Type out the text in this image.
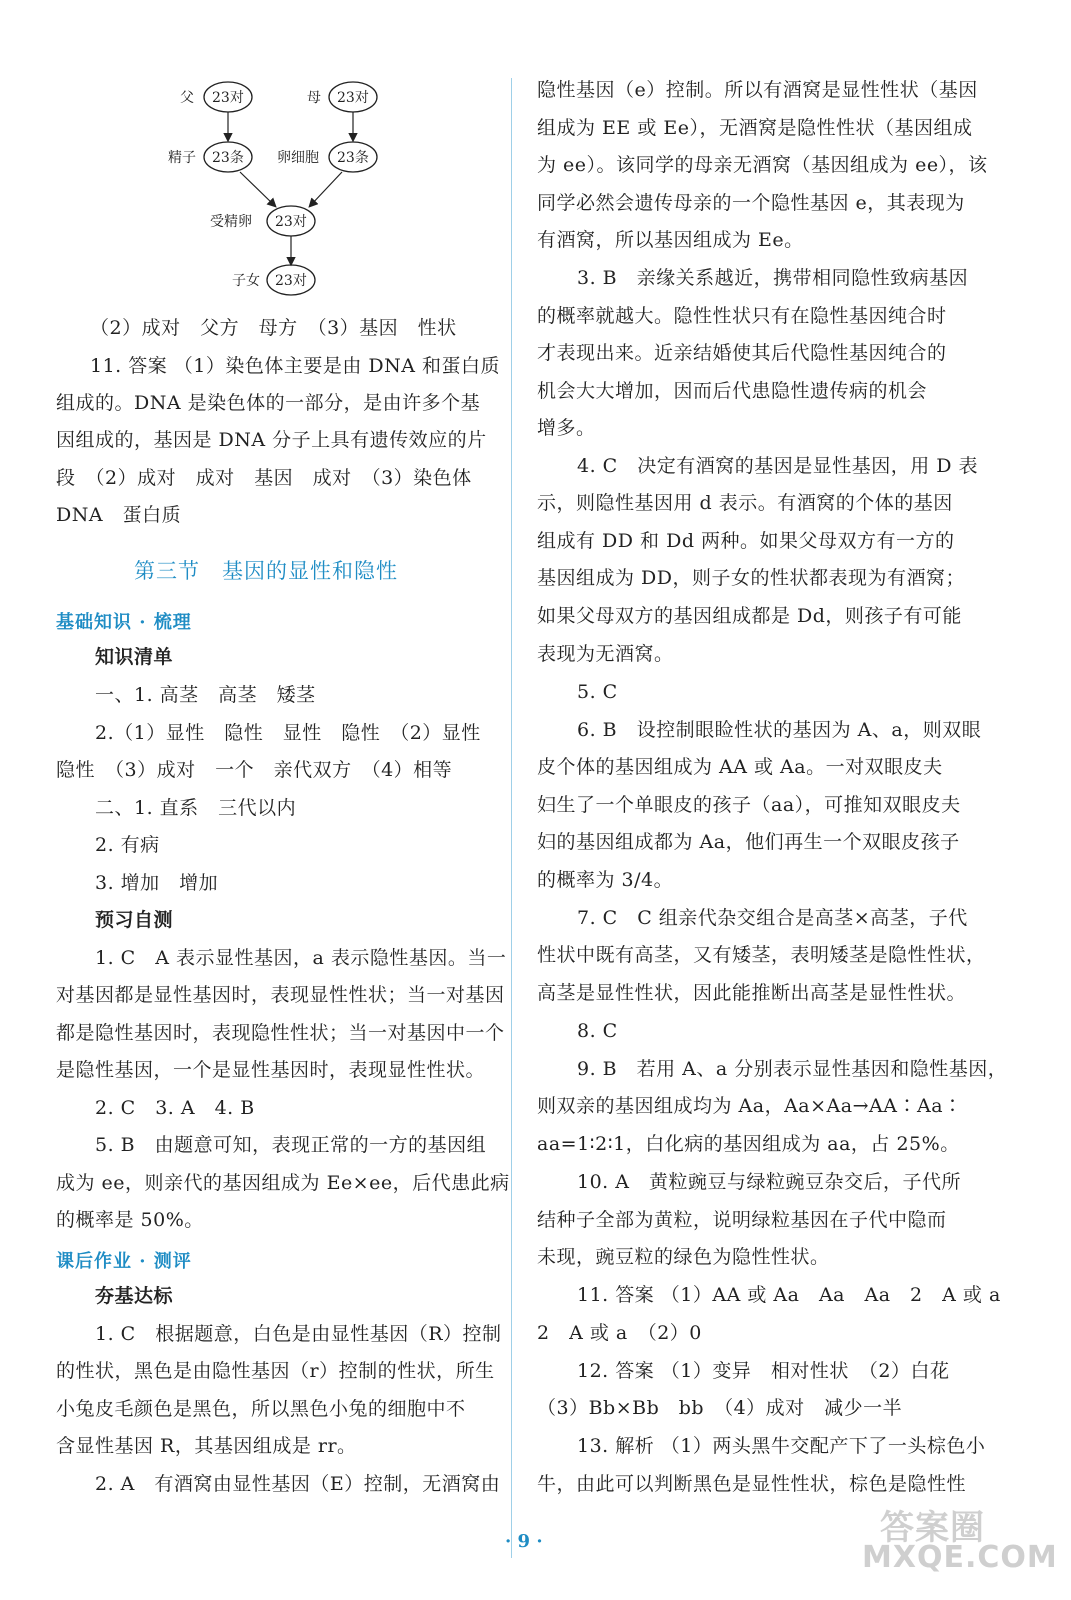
父 23对	母 23对
精子 23条 卵细胞 23条
受精卵 23对
子女 23对
（2）成对　父方　母方　（3）基因　性状
11. 答案 （1）染色体主要是由 DNA 和蛋白质
组成的。DNA 是染色体的一部分，是由许多个基
因组成的，基因是 DNA 分子上具有遗传效应的片
段　（2）成对　成对　基因　成对　（3）染色体
DNA　蛋白质
第三节　基因的显性和隐性
基础知识 · 梳理
知识清单
一、1. 高茎　高茎　矮茎
2.（1）显性　隐性　显性　隐性　（2）显性
隐性　（3）成对　一个　亲代双方　（4）相等
二、1. 直系　三代以内
2. 有病
3. 增加　增加
预习自测
1. C　A 表示显性基因，a 表示隐性基因。当一
对基因都是显性基因时，表现显性性状；当一对基因
都是隐性基因时，表现隐性性状；当一对基因中一个
是隐性基因，一个是显性基因时，表现显性性状。
2. C　3. A　4. B
5. B　由题意可知，表现正常的一方的基因组
成为 ee，则亲代的基因组成为 Ee×ee，后代患此病
的概率是 50%。
课后作业 · 测评
夯基达标
1. C　根据题意，白色是由显性基因（R）控制
的性状，黑色是由隐性基因（r）控制的性状，所生
小兔皮毛颜色是黑色，所以黑色小兔的细胞中不
含显性基因 R，其基因组成是 rr。
2. A　有酒窝由显性基因（E）控制，无酒窝由
隐性基因（e）控制。所以有酒窝是显性性状（基因
组成为 EE 或 Ee），无酒窝是隐性性状（基因组成
为 ee）。该同学的母亲无酒窝（基因组成为 ee），该
同学必然会遗传母亲的一个隐性基因 e，其表现为
有酒窝，所以基因组成为 Ee。
3. B　亲缘关系越近，携带相同隐性致病基因
的概率就越大。隐性性状只有在隐性基因纯合时
才表现出来。近亲结婚使其后代隐性基因纯合的
机会大大增加，因而后代患隐性遗传病的机会
增多。
4. C　决定有酒窝的基因是显性基因，用 D 表
示，则隐性基因用 d 表示。有酒窝的个体的基因
组成有 DD 和 Dd 两种。如果父母双方有一方的
基因组成为 DD，则子女的性状都表现为有酒窝；
如果父母双方的基因组成都是 Dd，则孩子有可能
表现为无酒窝。
5. C
6. B　设控制眼睑性状的基因为 A、a，则双眼
皮个体的基因组成为 AA 或 Aa。一对双眼皮夫
妇生了一个单眼皮的孩子（aa），可推知双眼皮夫
妇的基因组成都为 Aa，他们再生一个双眼皮孩子
的概率为 3/4。
7. C　C 组亲代杂交组合是高茎×高茎，子代
性状中既有高茎，又有矮茎，表明矮茎是隐性性状，
高茎是显性性状，因此能推断出高茎是显性性状。
8. C
9. B　若用 A、a 分别表示显性基因和隐性基因，
则双亲的基因组成均为 Aa，Aa×Aa→AA∶Aa∶
aa=1∶2∶1，白化病的基因组成为 aa，占 25%。
10. A　黄粒豌豆与绿粒豌豆杂交后，子代所
结种子全部为黄粒，说明绿粒基因在子代中隐而
未现，豌豆粒的绿色为隐性性状。
11. 答案 （1）AA 或 Aa　Aa　Aa　2　A 或 a
2　A 或 a　（2）0
12. 答案 （1）变异　相对性状　（2）白花
（3）Bb×Bb　bb　（4）成对　减少一半
13. 解析 （1）两头黑牛交配产下了一头棕色小
牛，由此可以判断黑色是显性性状，棕色是隐性性
· 9 ·	答案圈
MXQE.COM
